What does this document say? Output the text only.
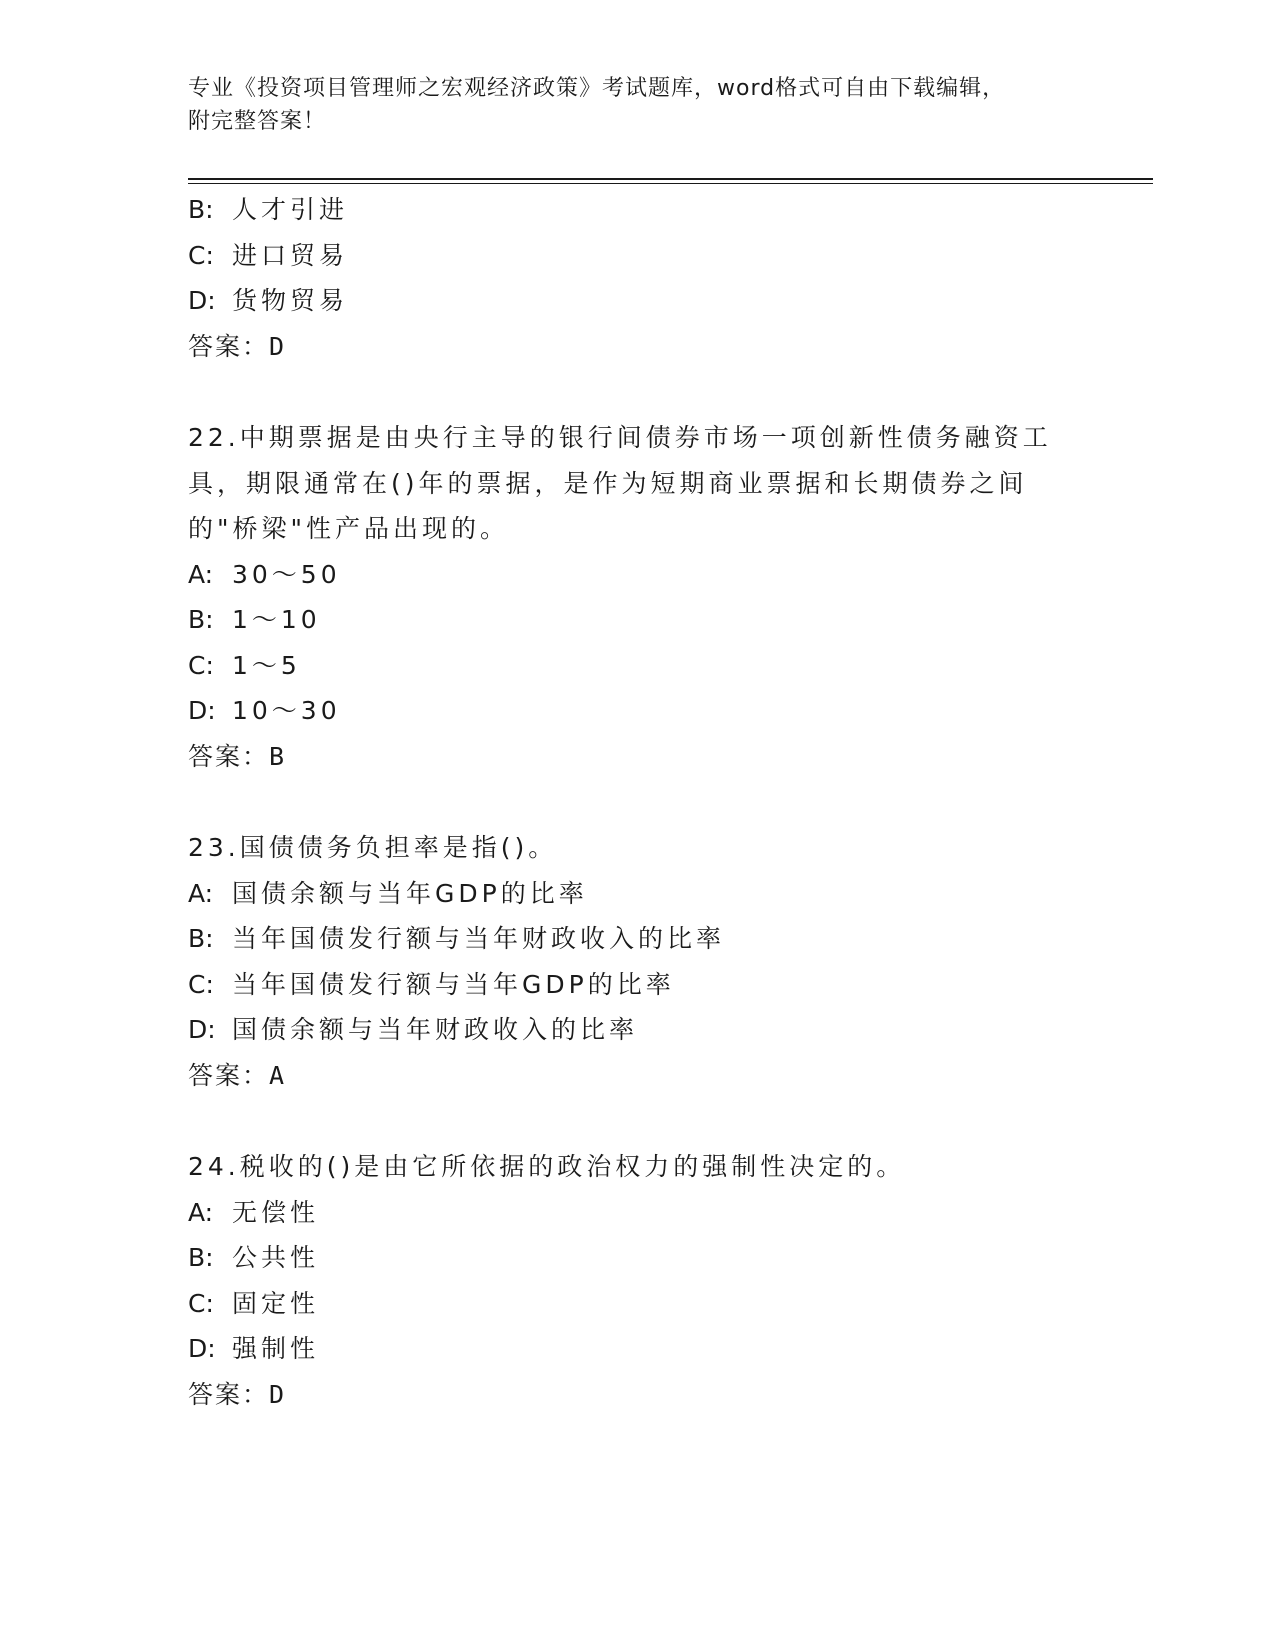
专业《投资项目管理师之宏观经济政策》考试题库，word格式可自由下载编辑，
附完整答案！
B: 人才引进
C: 进口贸易
D: 货物贸易
答案：D
22.中期票据是由央行主导的银行间债券市场一项创新性债务融资工具，期限通常在()年的票据，是作为短期商业票据和长期债券之间的"桥梁"性产品出现的。
A: 30～50
B: 1～10
C: 1～5
D: 10～30
答案：B
23.国债债务负担率是指()。
A: 国债余额与当年GDP的比率
B: 当年国债发行额与当年财政收入的比率
C: 当年国债发行额与当年GDP的比率
D: 国债余额与当年财政收入的比率
答案：A
24.税收的()是由它所依据的政治权力的强制性决定的。
A: 无偿性
B: 公共性
C: 固定性
D: 强制性
答案：D
